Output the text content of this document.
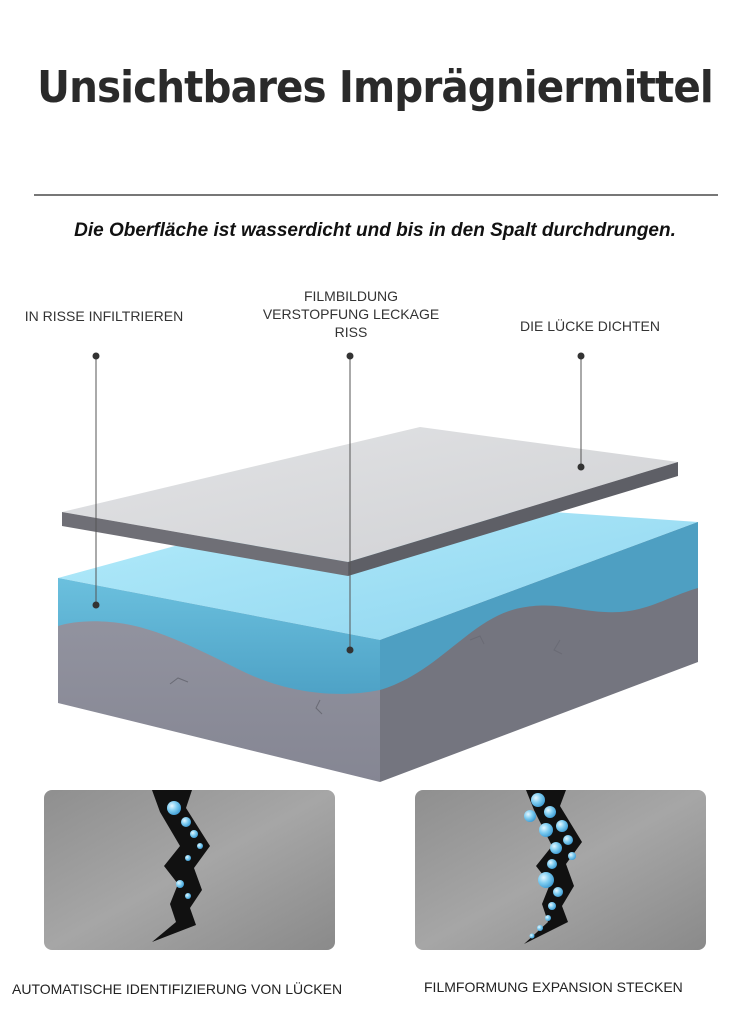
Unsichtbares Imprägniermittel
Die Oberfläche ist wasserdicht und bis in den Spalt durchdrungen.
IN RISSE INFILTRIEREN
FILMBILDUNG
VERSTOPFUNG LECKAGE
RISS	DIE LÜCKE DICHTEN
AUTOMATISCHE IDENTIFIZIERUNG VON LÜCKEN	FILMFORMUNG EXPANSION STECKEN
